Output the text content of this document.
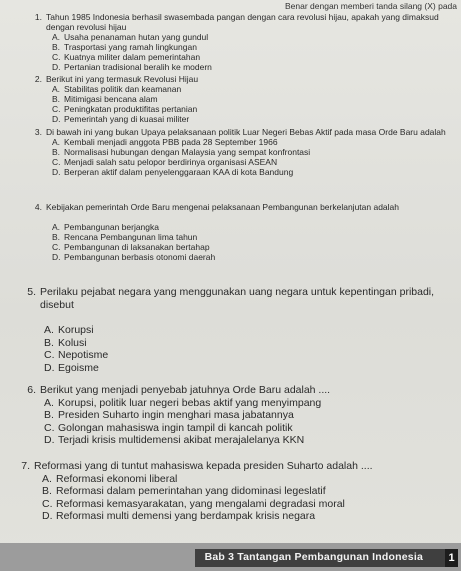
Benar dengan memberi tanda silang (X) pada
1. Tahun 1985 Indonesia berhasil swasembada pangan dengan cara revolusi hijau, apakah yang dimaksud dengan revolusi hijau
A. Usaha penanaman hutan yang gundul
B. Trasportasi yang ramah lingkungan
C. Kuatnya militer dalam pemerintahan
D. Pertanian tradisional beralih ke modern
2. Berikut ini yang termasuk Revolusi Hijau
A. Stabilitas politik dan keamanan
B. Mitimigasi bencana alam
C. Peningkatan produktifitas pertanian
D. Pemerintah yang di kuasai militer
3. Di bawah ini yang bukan Upaya pelaksanaan politik Luar Negeri Bebas Aktif pada masa Orde Baru adalah
A. Kembali menjadi anggota PBB pada 28 September 1966
B. Normalisasi hubungan dengan Malaysia yang sempat konfrontasi
C. Menjadi salah satu pelopor berdirinya organisasi ASEAN
D. Berperan aktif dalam penyelenggaraan KAA di kota Bandung
4. Kebijakan pemerintah Orde Baru mengenai pelaksanaan Pembangunan berkelanjutan adalah
A. Pembangunan berjangka
B. Rencana Pembangunan lima tahun
C. Pembangunan di laksanakan bertahap
D. Pembangunan berbasis otonomi daerah
5. Perilaku pejabat negara yang menggunakan uang negara untuk kepentingan pribadi, disebut
A. Korupsi
B. Kolusi
C. Nepotisme
D. Egoisme
6. Berikut yang menjadi penyebab jatuhnya Orde Baru adalah ....
A. Korupsi, politik luar negeri bebas aktif yang menyimpang
B. Presiden Suharto ingin menghari masa jabatannya
C. Golongan mahasiswa ingin tampil di kancah politik
D. Terjadi krisis multidemensi akibat merajalelanya KKN
7. Reformasi yang di tuntut mahasiswa kepada presiden Suharto adalah ....
A. Reformasi ekonomi liberal
B. Reformasi dalam pemerintahan yang didominasi legeslatif
C. Reformasi kemasyarakatan, yang mengalami degradasi moral
D. Reformasi multi demensi yang berdampak krisis negara
Bab 3 Tantangan Pembangunan Indonesia	1
